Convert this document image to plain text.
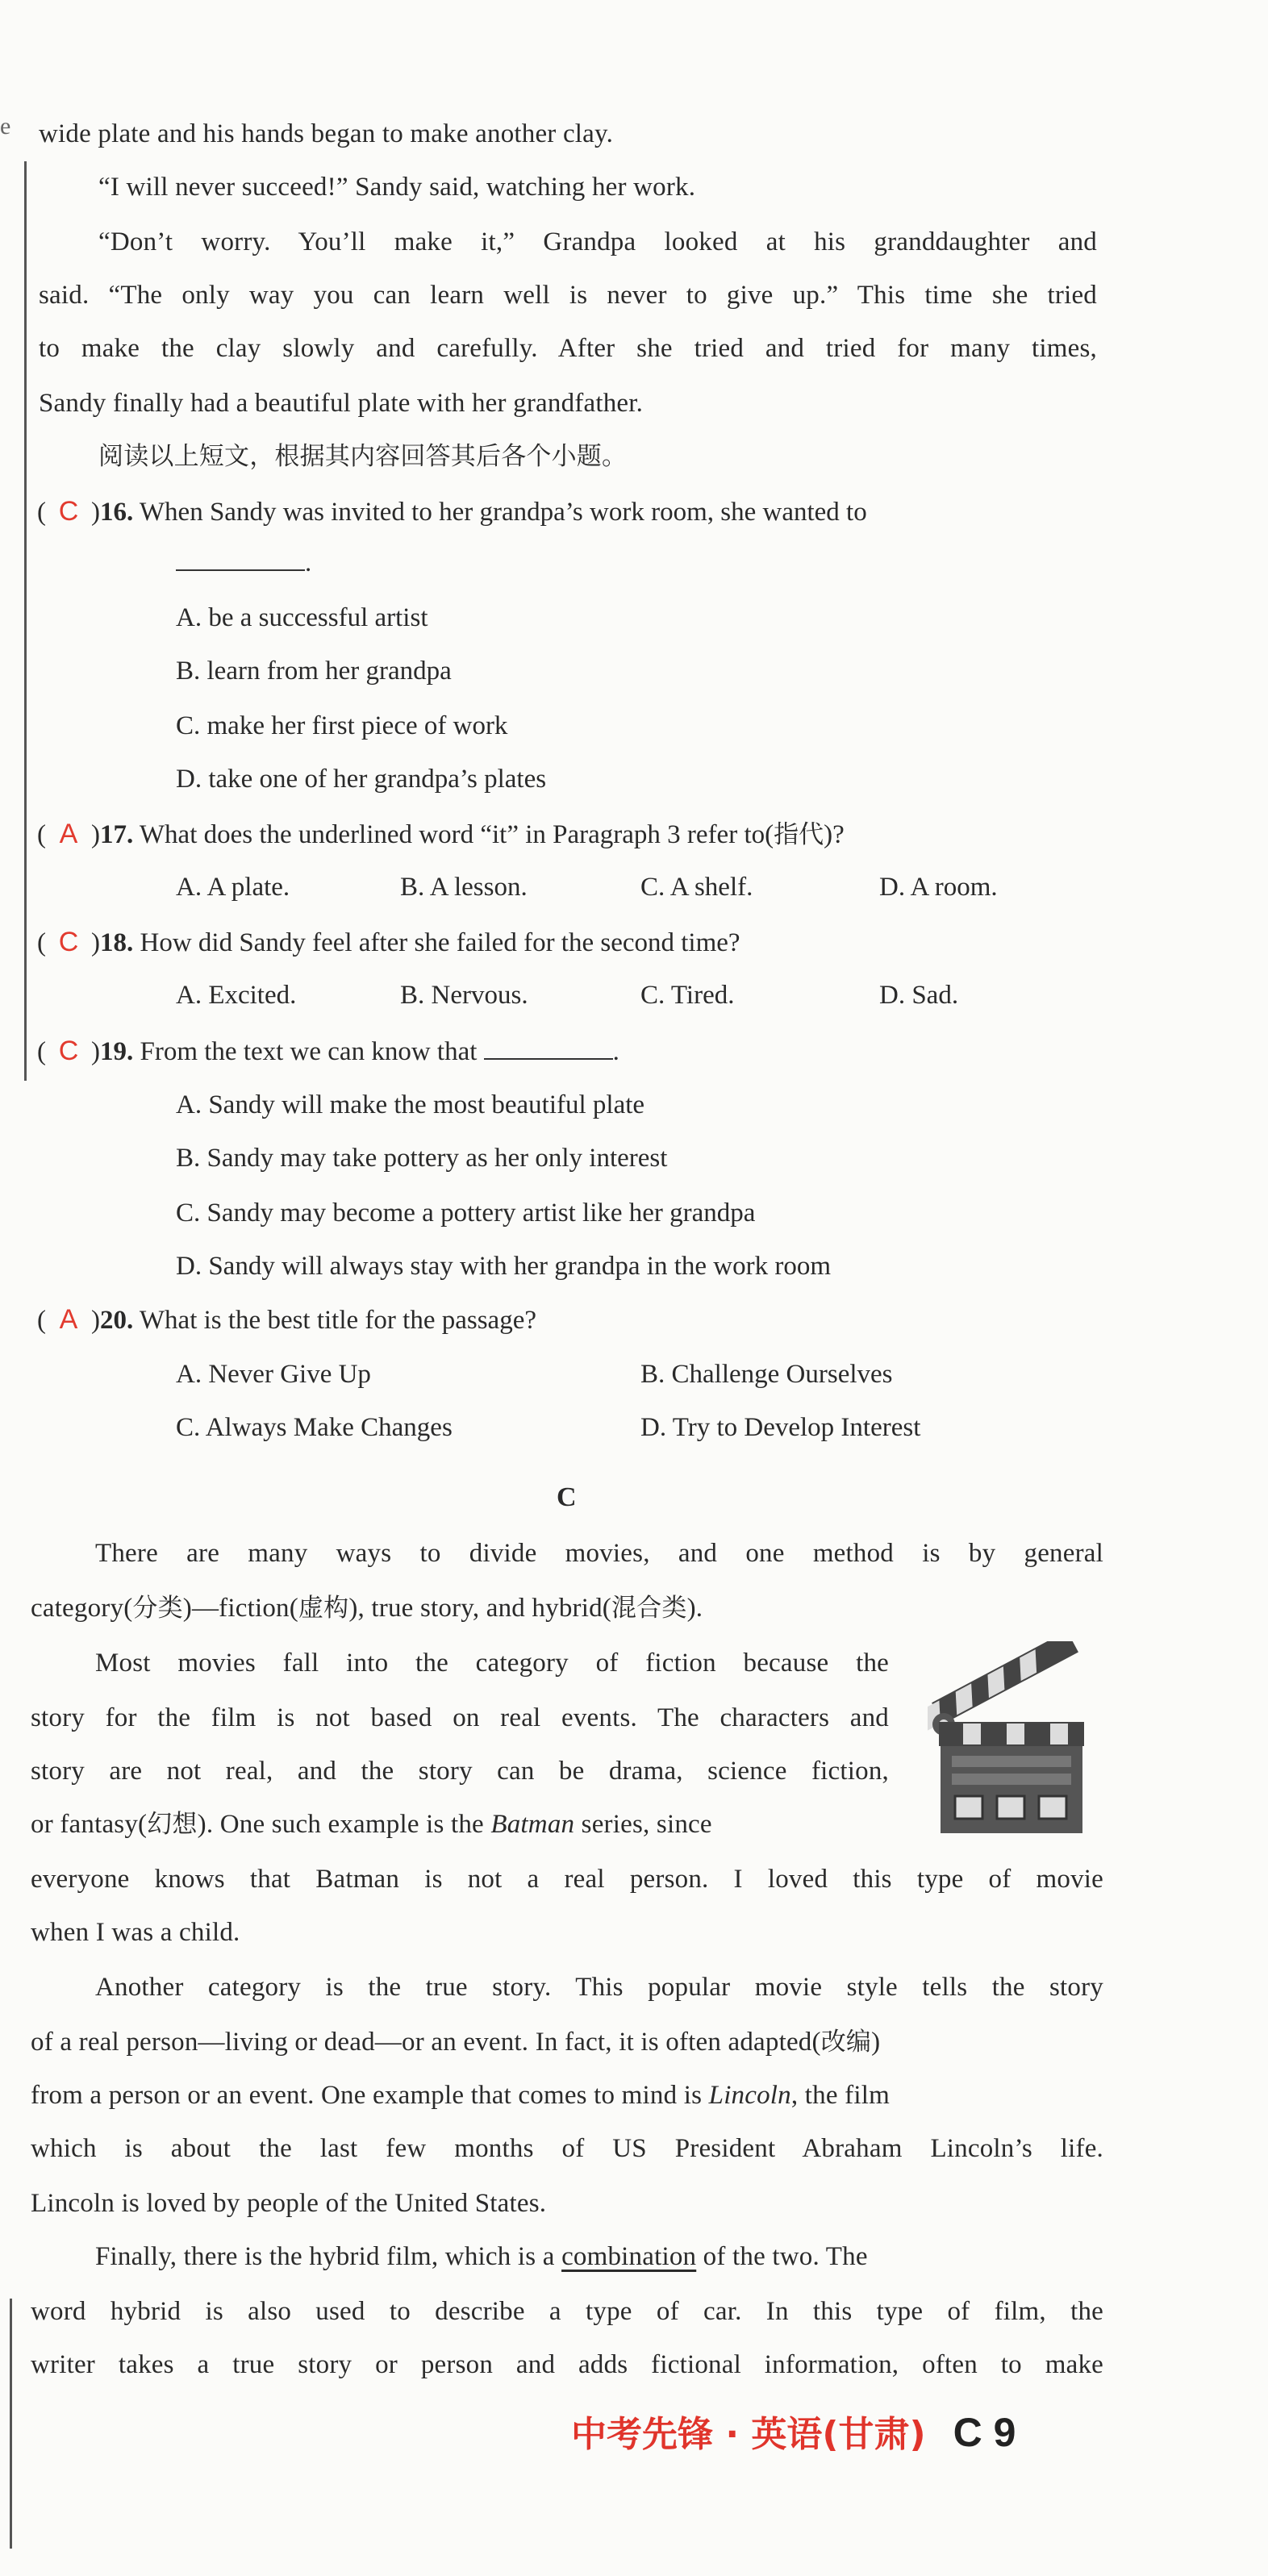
e wide plate and his hands began to make another clay.
“I will never succeed!” Sandy said, watching her work.
“Don’t worry. You’ll make it,” Grandpa looked at his granddaughter and
said. “The only way you can learn well is never to give up.” This time she tried
to make the clay slowly and carefully. After she tried and tried for many times,
Sandy finally had a beautiful plate with her grandfather.
阅读以上短文，根据其内容回答其后各个小题。
( C )16. When Sandy was invited to her grandpa’s work room, she wanted to
.
A. be a successful artist
B. learn from her grandpa
C. make her first piece of work
D. take one of her grandpa’s plates
( A )17. What does the underlined word “it” in Paragraph 3 refer to(指代)?
A. A plate.	B. A lesson.	C. A shelf.	D. A room.
( C )18. How did Sandy feel after she failed for the second time?
A. Excited.	B. Nervous.	C. Tired.	D. Sad.
( C )19. From the text we can know that	.
A. Sandy will make the most beautiful plate
B. Sandy may take pottery as her only interest
C. Sandy may become a pottery artist like her grandpa
D. Sandy will always stay with her grandpa in the work room
( A )20. What is the best title for the passage?
A. Never Give Up	B. Challenge Ourselves
C. Always Make Changes	D. Try to Develop Interest
C
There are many ways to divide movies, and one method is by general
category(分类)—fiction(虚构), true story, and hybrid(混合类).
Most movies fall into the category of fiction because the
story for the film is not based on real events. The characters and
story are not real, and the story can be drama, science fiction,
or fantasy(幻想). One such example is the Batman series, since
everyone knows that Batman is not a real person. I loved this type of movie
when I was a child.
Another category is the true story. This popular movie style tells the story
of a real person—living or dead—or an event. In fact, it is often adapted(改编)
from a person or an event. One example that comes to mind is Lincoln, the film
which is about the last few months of US President Abraham Lincoln’s life.
Lincoln is loved by people of the United States.
Finally, there is the hybrid film, which is a combination of the two. The
word hybrid is also used to describe a type of car. In this type of film, the
writer takes a true story or person and adds fictional information, often to make
中考先锋 · 英语(甘肃) C 9
